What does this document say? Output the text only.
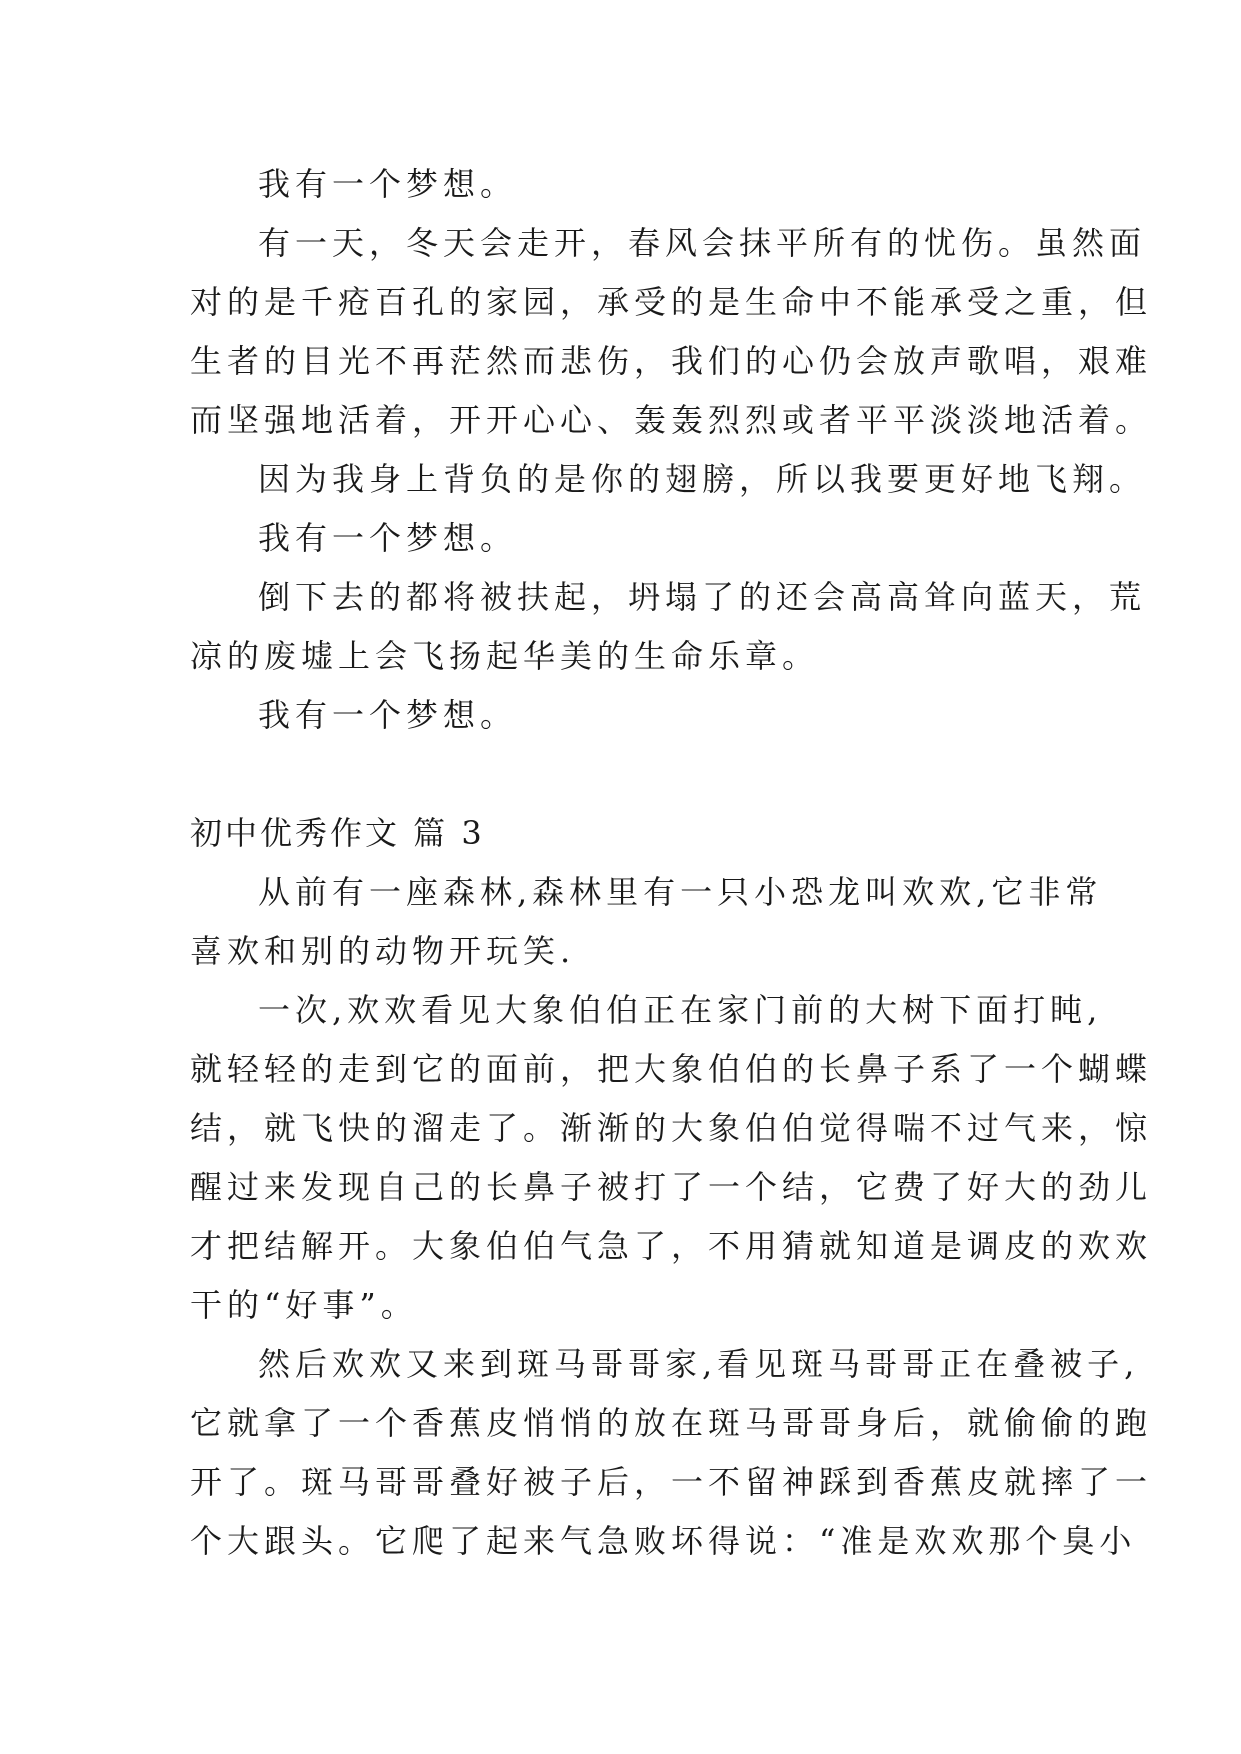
我有一个梦想。
有一天，冬天会走开，春风会抹平所有的忧伤。虽然面
对的是千疮百孔的家园，承受的是生命中不能承受之重，但
生者的目光不再茫然而悲伤，我们的心仍会放声歌唱，艰难
而坚强地活着，开开心心、轰轰烈烈或者平平淡淡地活着。
因为我身上背负的是你的翅膀，所以我要更好地飞翔。
我有一个梦想。
倒下去的都将被扶起，坍塌了的还会高高耸向蓝天，荒
凉的废墟上会飞扬起华美的生命乐章。
我有一个梦想。
初中优秀作文 篇 3
从前有一座森林,森林里有一只小恐龙叫欢欢,它非常
喜欢和别的动物开玩笑.
一次,欢欢看见大象伯伯正在家门前的大树下面打盹,
就轻轻的走到它的面前，把大象伯伯的长鼻子系了一个蝴蝶
结，就飞快的溜走了。渐渐的大象伯伯觉得喘不过气来，惊
醒过来发现自己的长鼻子被打了一个结，它费了好大的劲儿
才把结解开。大象伯伯气急了，不用猜就知道是调皮的欢欢
干的“好事”。
然后欢欢又来到斑马哥哥家,看见斑马哥哥正在叠被子,
它就拿了一个香蕉皮悄悄的放在斑马哥哥身后，就偷偷的跑
开了。斑马哥哥叠好被子后，一不留神踩到香蕉皮就摔了一
个大跟头。它爬了起来气急败坏得说：“准是欢欢那个臭小
